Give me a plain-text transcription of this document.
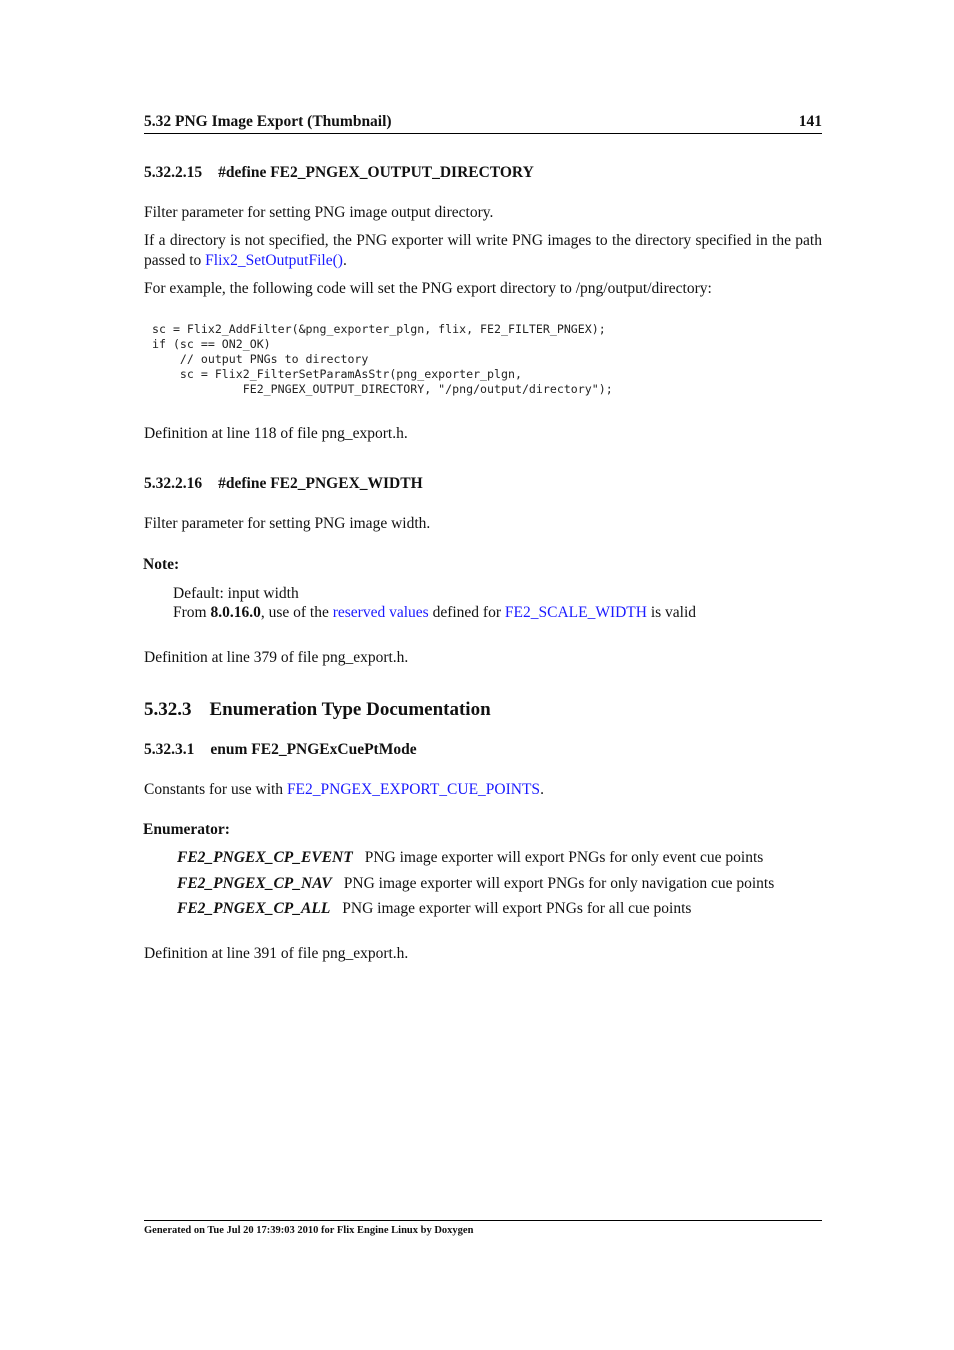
5.32 PNG Image Export (Thumbnail)	141
5.32.2.15 #define FE2_PNGEX_OUTPUT_DIRECTORY
Filter parameter for setting PNG image output directory.
If a directory is not specified, the PNG exporter will write PNG images to the directory specified in the path passed to Flix2_SetOutputFile().
For example, the following code will set the PNG export directory to /png/output/directory:
sc = Flix2_AddFilter(&png_exporter_plgn, flix, FE2_FILTER_PNGEX);
if (sc == ON2_OK)
// output PNGs to directory
sc = Flix2_FilterSetParamAsStr(png_exporter_plgn,
FE2_PNGEX_OUTPUT_DIRECTORY, "/png/output/directory");
Definition at line 118 of file png_export.h.
5.32.2.16 #define FE2_PNGEX_WIDTH
Filter parameter for setting PNG image width.
Note:
Default: input width
From 8.0.16.0, use of the reserved values defined for FE2_SCALE_WIDTH is valid
Definition at line 379 of file png_export.h.
5.32.3 Enumeration Type Documentation
5.32.3.1 enum FE2_PNGExCuePtMode
Constants for use with FE2_PNGEX_EXPORT_CUE_POINTS.
Enumerator:
FE2_PNGEX_CP_EVENT PNG image exporter will export PNGs for only event cue points
FE2_PNGEX_CP_NAV PNG image exporter will export PNGs for only navigation cue points
FE2_PNGEX_CP_ALL PNG image exporter will export PNGs for all cue points
Definition at line 391 of file png_export.h.
Generated on Tue Jul 20 17:39:03 2010 for Flix Engine Linux by Doxygen
